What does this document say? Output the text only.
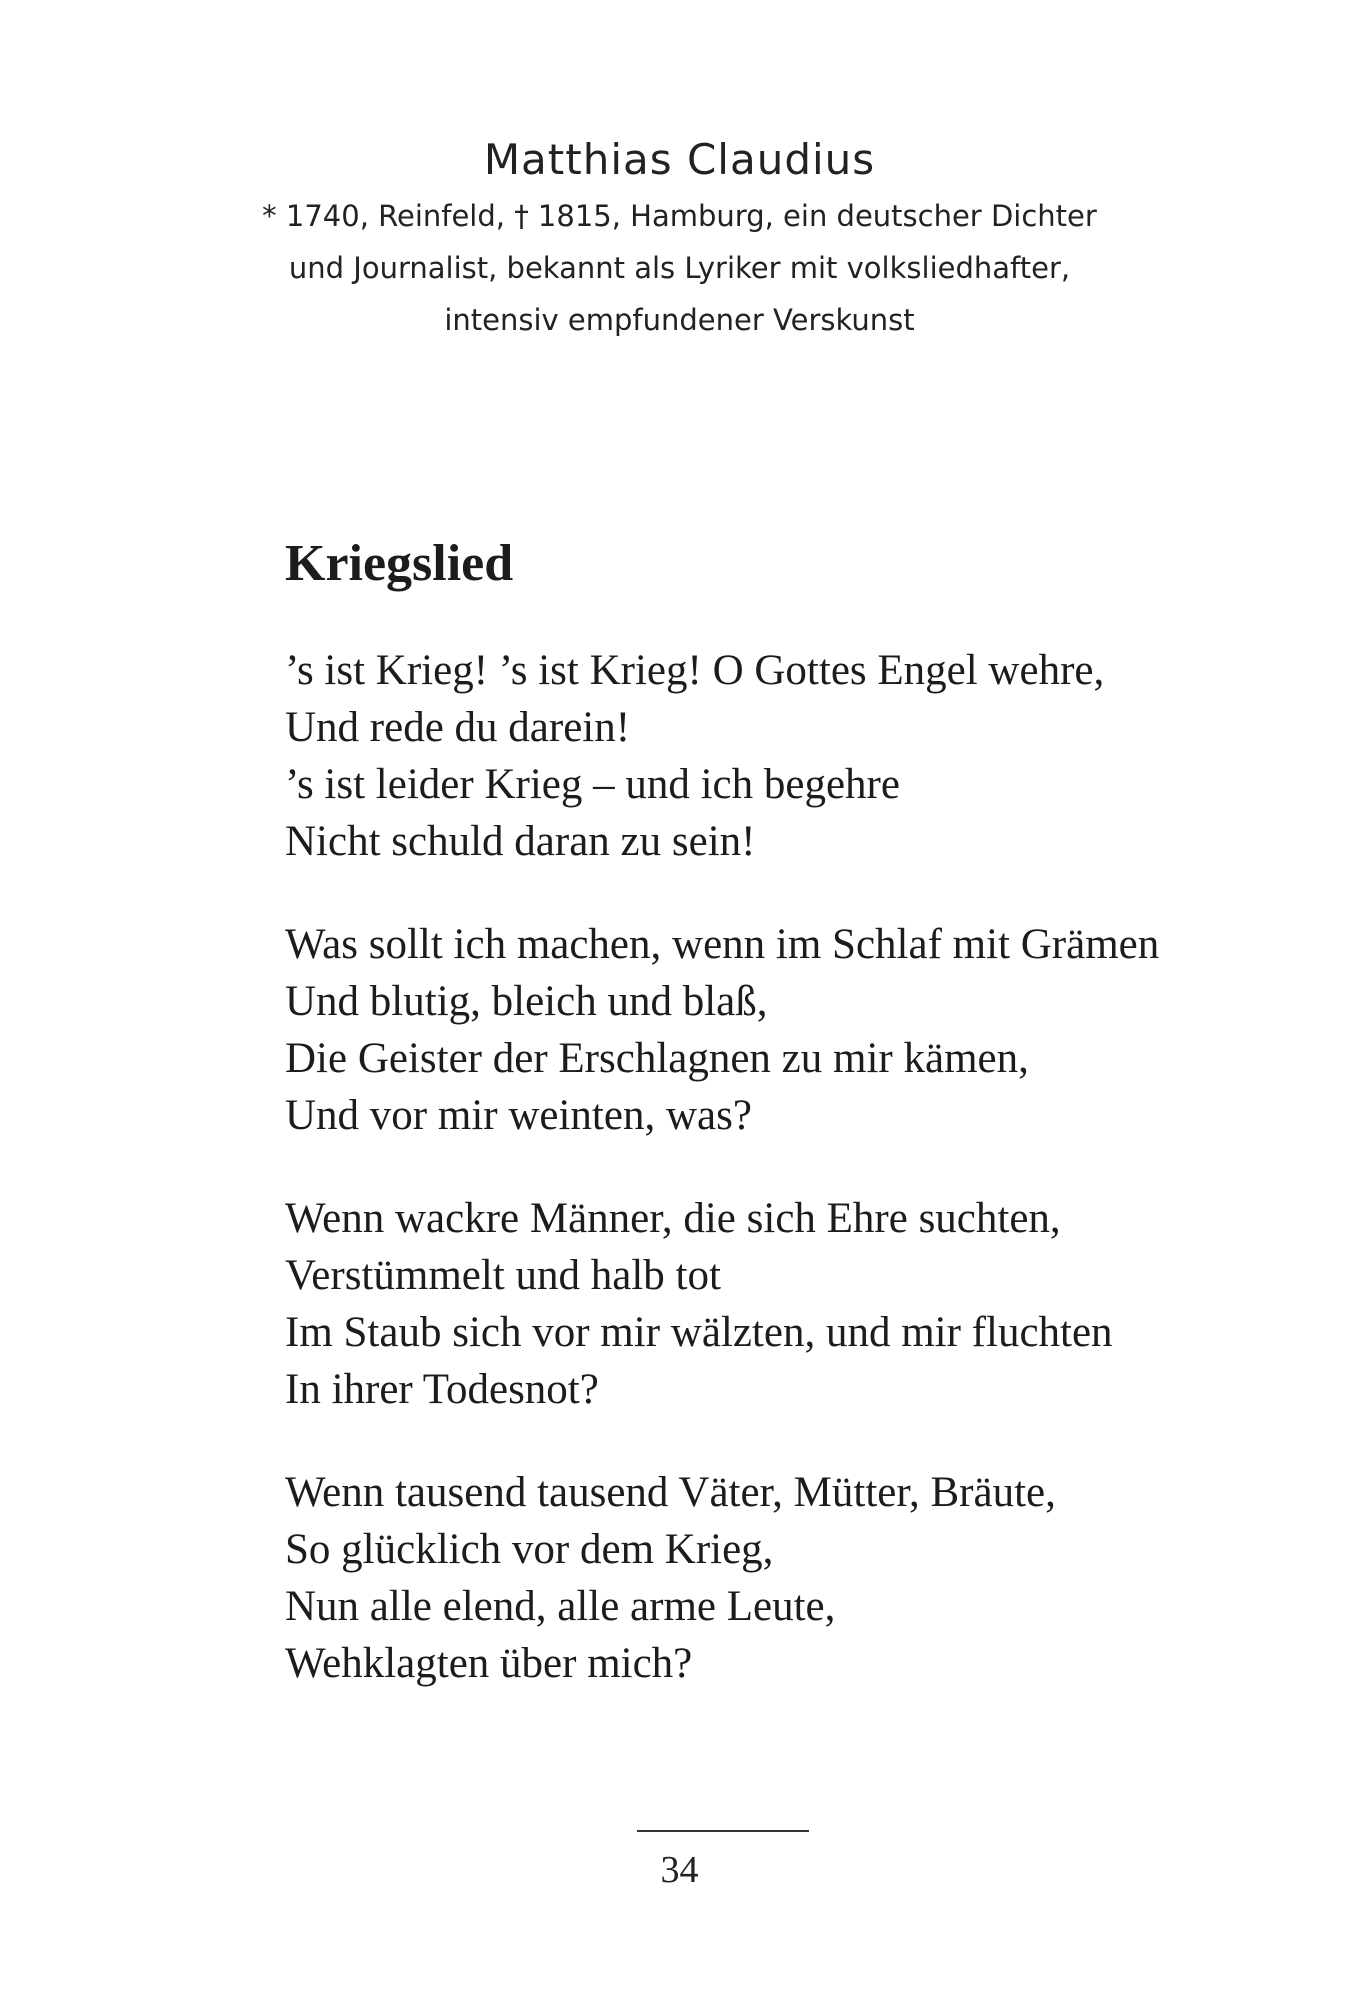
Matthias Claudius

* 1740, Reinfeld, † 1815, Hamburg, ein deutscher Dichter

und Journalist, bekannt als Lyriker mit volksliedhafter,

intensiv empfundener Verskunst

Kriegslied
’s ist Krieg! ’s ist Krieg! O Gottes Engel wehre,
Und rede du darein!
’s ist leider Krieg – und ich begehre
Nicht schuld daran zu sein!
Was sollt ich machen, wenn im Schlaf mit Grämen
Und blutig, bleich und blaß,
Die Geister der Erschlagnen zu mir kämen,
Und vor mir weinten, was?
Wenn wackre Männer, die sich Ehre suchten,
Verstümmelt und halb tot
Im Staub sich vor mir wälzten, und mir fluchten
In ihrer Todesnot?
Wenn tausend tausend Väter, Mütter, Bräute,
So glücklich vor dem Krieg,
Nun alle elend, alle arme Leute,
Wehklagten über mich?
34
